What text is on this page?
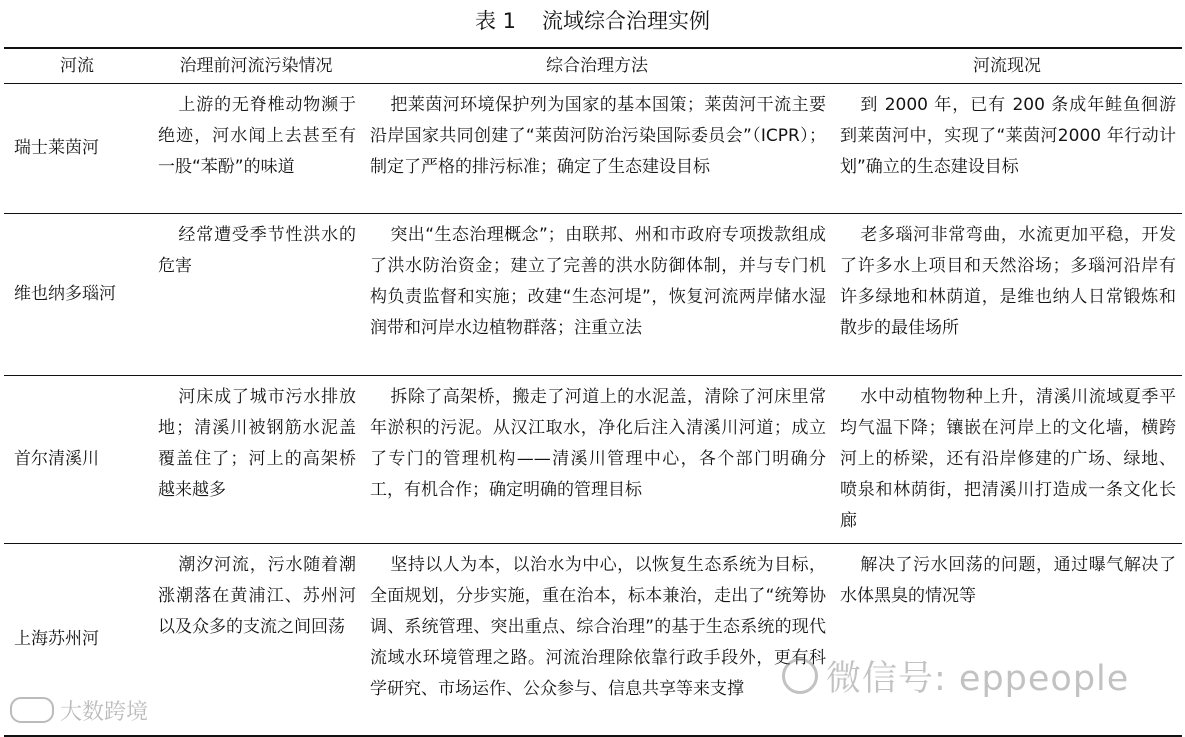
表 1 流域综合治理实例
河流	治理前河流污染情况	综合治理方法	河流现况
瑞士莱茵河	上游的无脊椎动物濒于绝迹，河水闻上去甚至有一股“苯酚”的味道	把莱茵河环境保护列为国家的基本国策；莱茵河干流主要沿岸国家共同创建了“莱茵河防治污染国际委员会”（ICPR）；制定了严格的排污标准；确定了生态建设目标	到 2000 年，已有 200 条成年鲑鱼徊游到莱茵河中，实现了“莱茵河2000 年行动计划”确立的生态建设目标
维也纳多瑙河	经常遭受季节性洪水的危害	突出“生态治理概念”；由联邦、州和市政府专项拨款组成了洪水防治资金；建立了完善的洪水防御体制，并与专门机构负责监督和实施；改建“生态河堤”，恢复河流两岸储水湿润带和河岸水边植物群落；注重立法	老多瑙河非常弯曲，水流更加平稳，开发了许多水上项目和天然浴场；多瑙河沿岸有许多绿地和林荫道，是维也纳人日常锻炼和散步的最佳场所
首尔清溪川	河床成了城市污水排放地；清溪川被钢筋水泥盖覆盖住了；河上的高架桥越来越多	拆除了高架桥，搬走了河道上的水泥盖，清除了河床里常年淤积的污泥。从汉江取水，净化后注入清溪川河道；成立了专门的管理机构——清溪川管理中心，各个部门明确分工，有机合作；确定明确的管理目标	水中动植物物种上升，清溪川流域夏季平均气温下降；镶嵌在河岸上的文化墙，横跨河上的桥梁，还有沿岸修建的广场、绿地、喷泉和林荫街，把清溪川打造成一条文化长廊
上海苏州河	潮汐河流，污水随着潮涨潮落在黄浦江、苏州河以及众多的支流之间回荡	坚持以人为本，以治水为中心，以恢复生态系统为目标，全面规划，分步实施，重在治本，标本兼治，走出了“统筹协调、系统管理、突出重点、综合治理”的基于生态系统的现代流域水环境管理之路。河流治理除依靠行政手段外，更有科学研究、市场运作、公众参与、信息共享等来支撑	解决了污水回荡的问题，通过曝气解决了水体黑臭的情况等
微信号: eppeople
大数跨境
